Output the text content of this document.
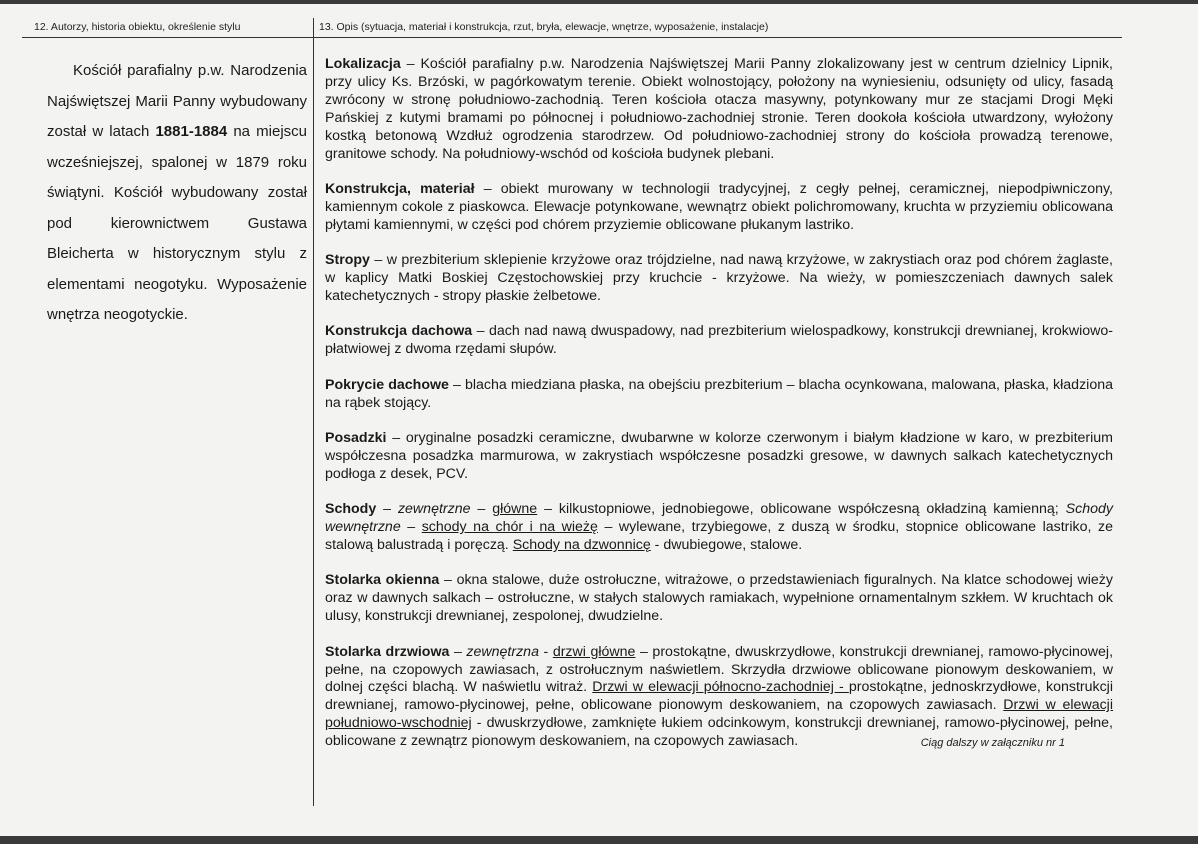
12. Autorzy, historia obiektu, określenie stylu	13. Opis (sytuacja, materiał i konstrukcja, rzut, bryła, elewacje, wnętrze, wyposażenie, instalacje)
Kościół parafialny p.w. Narodzenia Najświętszej Marii Panny wybudowany został w latach 1881-1884 na miejscu wcześniejszej, spalonej w 1879 roku świątyni. Kościół wybudowany został pod kierownictwem Gustawa Bleicherta w historycznym stylu z elementami neogotyku. Wyposażenie wnętrza neogotyckie.

Lokalizacja – Kościół parafialny p.w. Narodzenia Najświętszej Marii Panny zlokalizowany jest w centrum dzielnicy Lipnik, przy ulicy Ks. Brzóski, w pagórkowatym terenie. Obiekt wolnostojący, położony na wyniesieniu, odsunięty od ulicy, fasadą zwrócony w stronę południowo-zachodnią. Teren kościoła otacza masywny, potynkowany mur ze stacjami Drogi Męki Pańskiej z kutymi bramami po północnej i południowo-zachodniej stronie. Teren dookoła kościoła utwardzony, wyłożony kostką betonową Wzdłuż ogrodzenia starodrzew. Od południowo-zachodniej strony do kościoła prowadzą terenowe, granitowe schody. Na południowy-wschód od kościoła budynek plebani.

Konstrukcja, materiał – obiekt murowany w technologii tradycyjnej, z cegły pełnej, ceramicznej, niepodpiwniczony, kamiennym cokole z piaskowca. Elewacje potynkowane, wewnątrz obiekt polichromowany, kruchta w przyziemiu oblicowana płytami kamiennymi, w części pod chórem przyziemie oblicowane płukanym lastriko.

Stropy – w prezbiterium sklepienie krzyżowe oraz trójdzielne, nad nawą krzyżowe, w zakrystiach oraz pod chórem żaglaste, w kaplicy Matki Boskiej Częstochowskiej przy kruchcie - krzyżowe. Na wieży, w pomieszczeniach dawnych salek katechetycznych - stropy płaskie żelbetowe.

Konstrukcja dachowa – dach nad nawą dwuspadowy, nad prezbiterium wielospadkowy, konstrukcji drewnianej, krokwiowo-płatwiowej z dwoma rzędami słupów.

Pokrycie dachowe – blacha miedziana płaska, na obejściu prezbiterium – blacha ocynkowana, malowana, płaska, kładziona na rąbek stojący.

Posadzki – oryginalne posadzki ceramiczne, dwubarwne w kolorze czerwonym i białym kładzione w karo, w prezbiterium współczesna posadzka marmurowa, w zakrystiach współczesne posadzki gresowe, w dawnych salkach katechetycznych podłoga z desek, PCV.

Schody – zewnętrzne – główne – kilkustopniowe, jednobiegowe, oblicowane współczesną okładziną kamienną; Schody wewnętrzne – schody na chór i na wieżę – wylewane, trzybiegowe, z duszą w środku, stopnice oblicowane lastriko, ze stalową balustradą i poręczą. Schody na dzwonnicę - dwubiegowe, stalowe.

Stolarka okienna – okna stalowe, duże ostrołuczne, witrażowe, o przedstawieniach figuralnych. Na klatce schodowej wieży oraz w dawnych salkach – ostrołuczne, w stałych stalowych ramiakach, wypełnione ornamentalnym szkłem. W kruchtach ok ulusy, konstrukcji drewnianej, zespolonej, dwudzielne.

Stolarka drzwiowa – zewnętrzna - drzwi główne – prostokątne, dwuskrzydłowe, konstrukcji drewnianej, ramowo-płycinowej, pełne, na czopowych zawiasach, z ostrołucznym naświetlem. Skrzydła drzwiowe oblicowane pionowym deskowaniem, w dolnej części blachą. W naświetlu witraż. Drzwi w elewacji północno-zachodniej - prostokątne, jednoskrzydłowe, konstrukcji drewnianej, ramowo-płycinowej, pełne, oblicowane pionowym deskowaniem, na czopowych zawiasach. Drzwi w elewacji południowo-wschodniej - dwuskrzydłowe, zamknięte łukiem odcinkowym, konstrukcji drewnianej, ramowo-płycinowej, pełne, oblicowane z zewnątrz pionowym deskowaniem, na czopowych zawiasach.	Ciąg dalszy w załączniku nr 1
